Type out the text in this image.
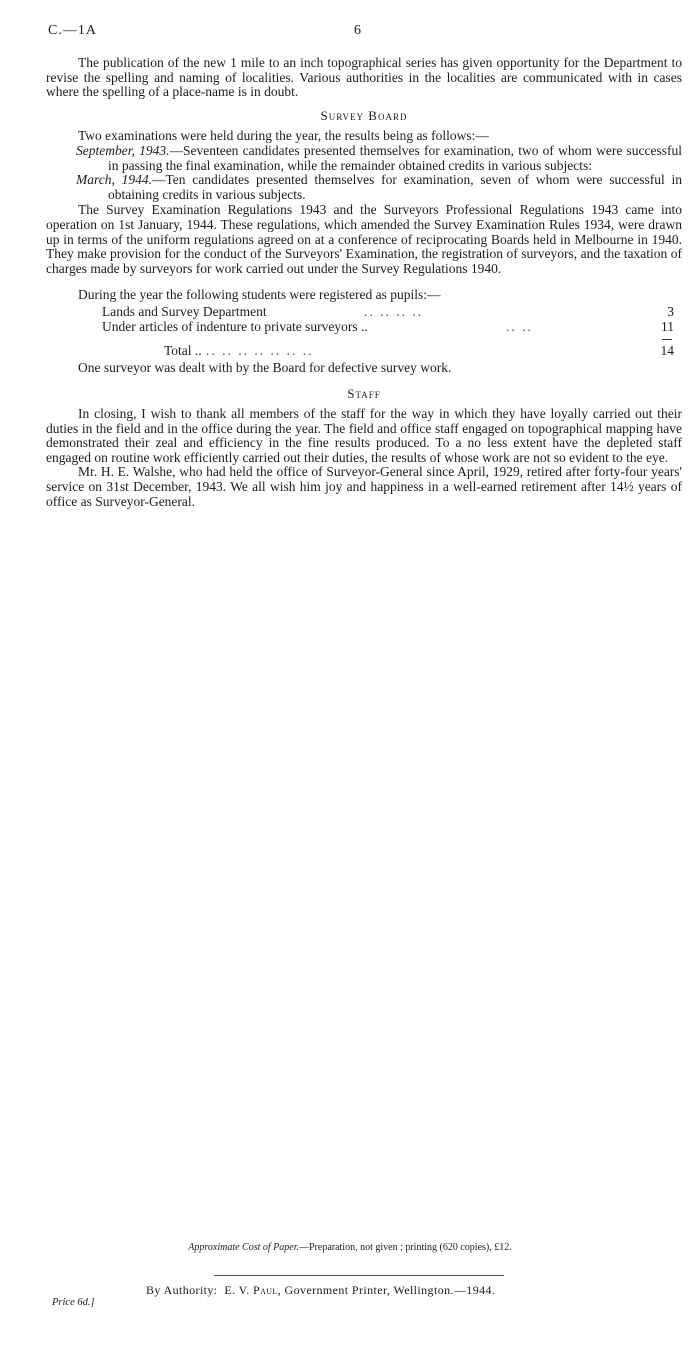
C.—1A	6

The publication of the new 1 mile to an inch topographical series has given opportunity for the Department to revise the spelling and naming of localities. Various authorities in the localities are communicated with in cases where the spelling of a place-name is in doubt.

Survey Board

Two examinations were held during the year, the results being as follows:—

September, 1943.—Seventeen candidates presented themselves for examination, two of whom were successful in passing the final examination, while the remainder obtained credits in various subjects:

March, 1944.—Ten candidates presented themselves for examination, seven of whom were successful in obtaining credits in various subjects.

The Survey Examination Regulations 1943 and the Surveyors Professional Regulations 1943 came into operation on 1st January, 1944. These regulations, which amended the Survey Examination Rules 1934, were drawn up in terms of the uniform regulations agreed on at a conference of reciprocating Boards held in Melbourne in 1940. They make provision for the conduct of the Surveyors' Examination, the registration of surveyors, and the taxation of charges made by surveyors for work carried out under the Survey Regulations 1940.

During the year the following students were registered as pupils:—

Lands and Survey Department	.. .. .. ..	3
Under articles of indenture to private surveyors ..	.. ..	11
Total .. .. .. .. .. .. .. ..	14

One surveyor was dealt with by the Board for defective survey work.

Staff

In closing, I wish to thank all members of the staff for the way in which they have loyally carried out their duties in the field and in the office during the year. The field and office staff engaged on topographical mapping have demonstrated their zeal and efficiency in the fine results produced. To a no less extent have the depleted staff engaged on routine work efficiently carried out their duties, the results of whose work are not so evident to the eye.

Mr. H. E. Walshe, who had held the office of Surveyor-General since April, 1929, retired after forty-four years' service on 31st December, 1943. We all wish him joy and happiness in a well-earned retirement after 14½ years of office as Surveyor-General.

Approximate Cost of Paper.—Preparation, not given ; printing (620 copies), £12.
By Authority: E. V. Paul, Government Printer, Wellington.—1944.
Price 6d.]
